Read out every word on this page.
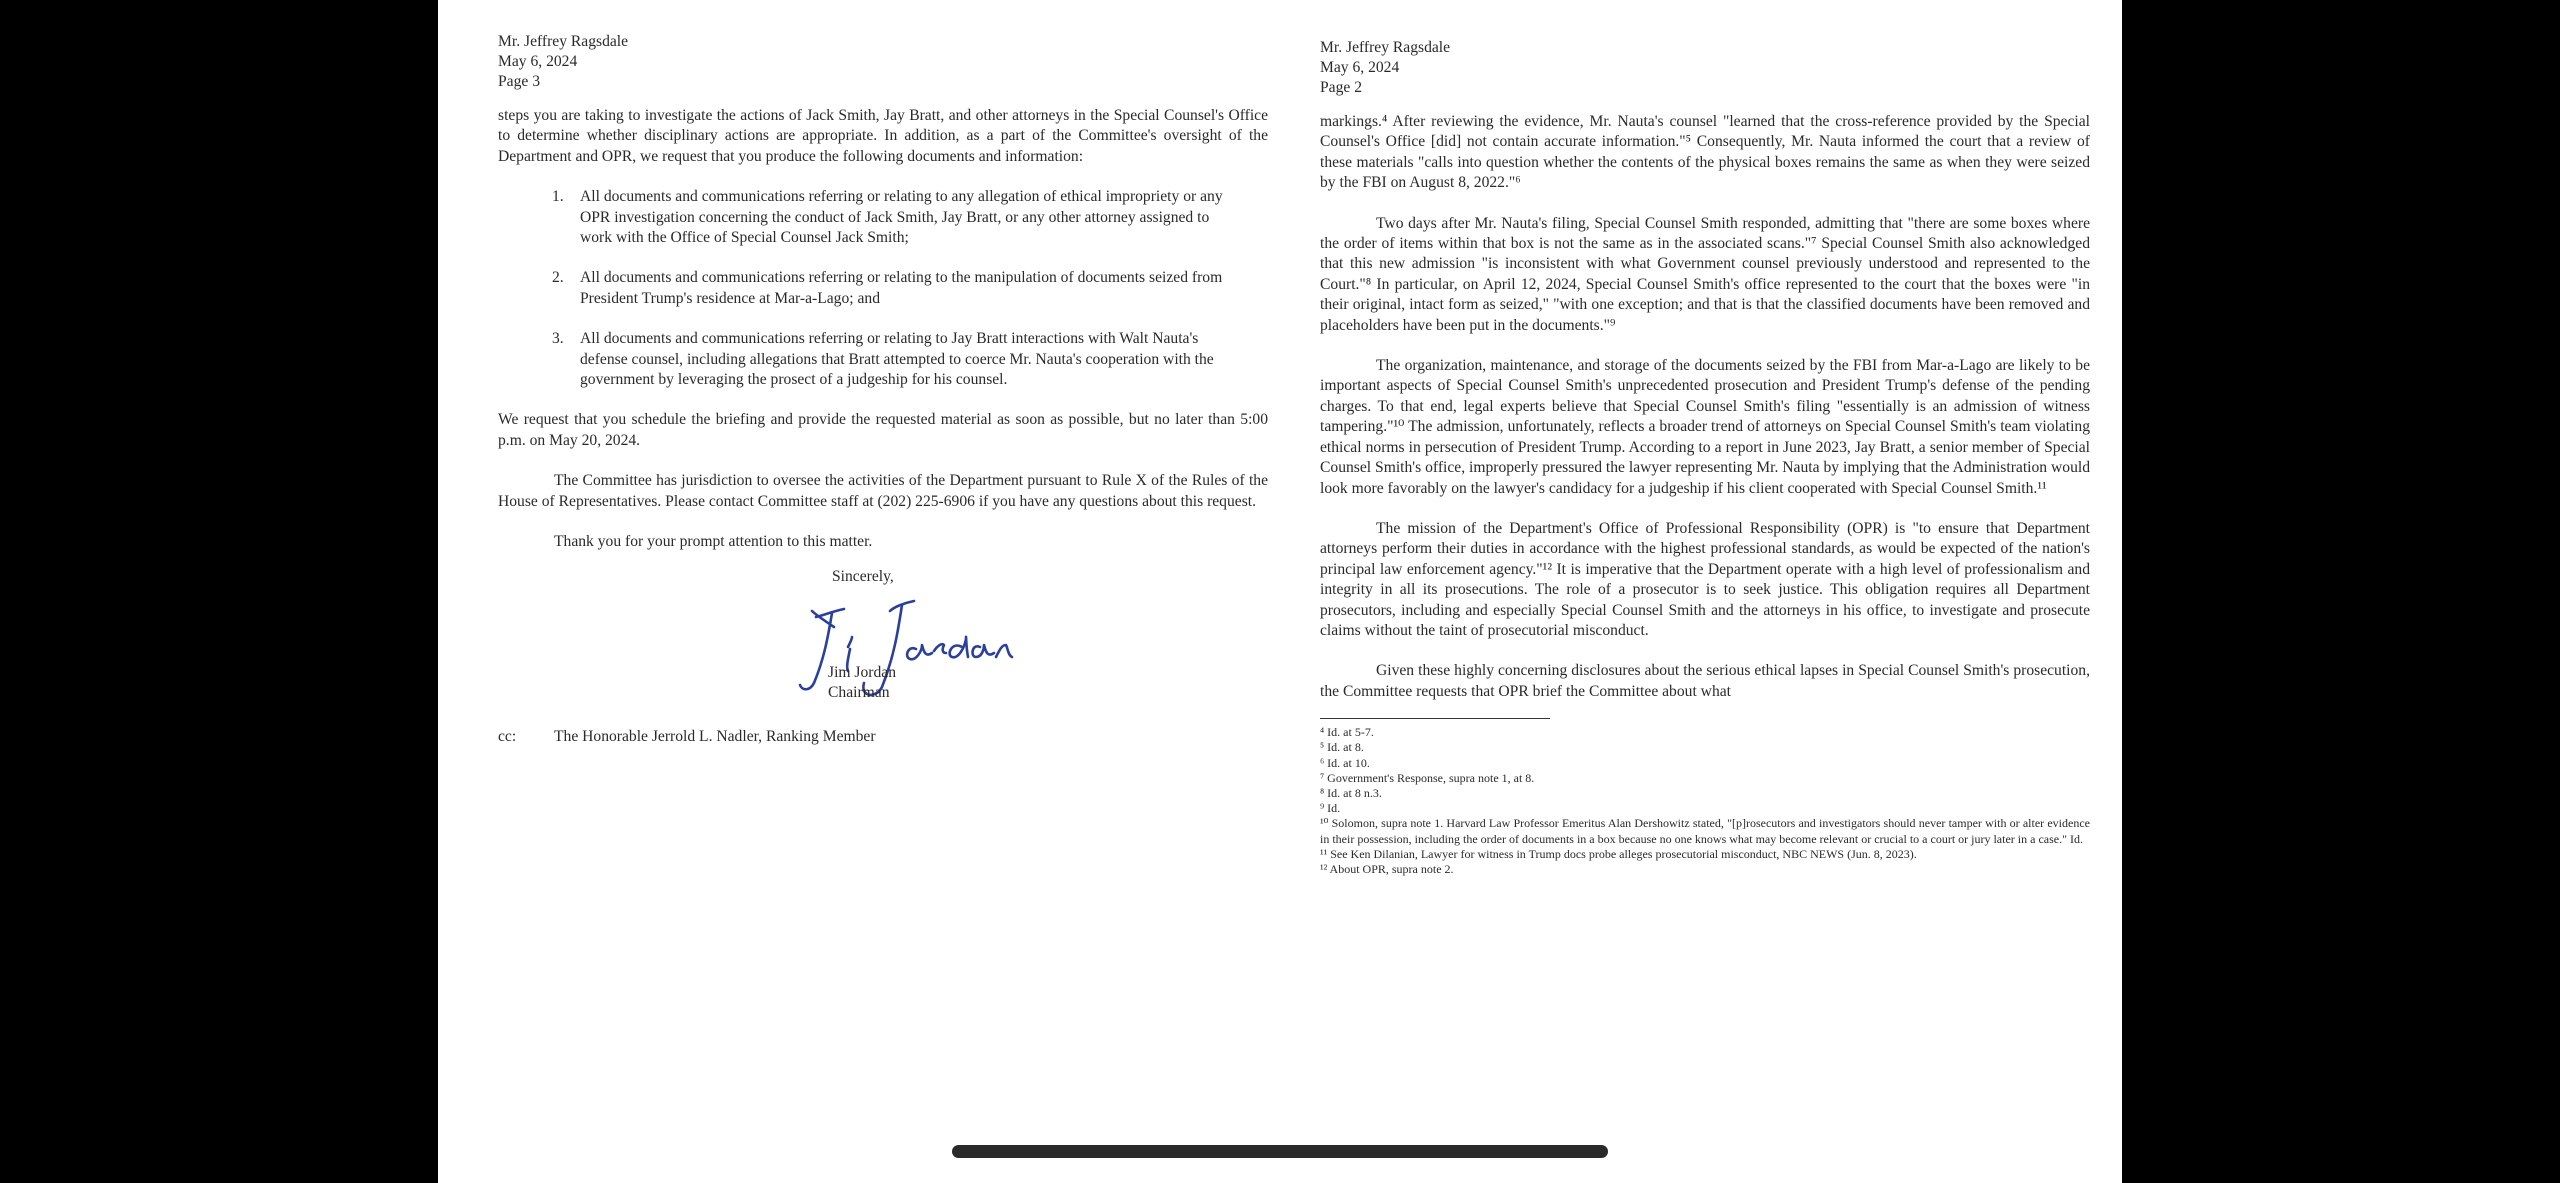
Mr. Jeffrey Ragsdale
May 6, 2024
Page 3

steps you are taking to investigate the actions of Jack Smith, Jay Bratt, and other attorneys in the Special Counsel's Office to determine whether disciplinary actions are appropriate. In addition, as a part of the Committee's oversight of the Department and OPR, we request that you produce the following documents and information:

1.	All documents and communications referring or relating to any allegation of ethical impropriety or any OPR investigation concerning the conduct of Jack Smith, Jay Bratt, or any other attorney assigned to work with the Office of Special Counsel Jack Smith;
2.	All documents and communications referring or relating to the manipulation of documents seized from President Trump's residence at Mar-a-Lago; and
3.	All documents and communications referring or relating to Jay Bratt interactions with Walt Nauta's defense counsel, including allegations that Bratt attempted to coerce Mr. Nauta's cooperation with the government by leveraging the prosect of a judgeship for his counsel.

We request that you schedule the briefing and provide the requested material as soon as possible, but no later than 5:00 p.m. on May 20, 2024.

The Committee has jurisdiction to oversee the activities of the Department pursuant to Rule X of the Rules of the House of Representatives. Please contact Committee staff at (202) 225-6906 if you have any questions about this request.

Thank you for your prompt attention to this matter.
Sincerely,
Jim Jordan
Chairman
cc:	The Honorable Jerrold L. Nadler, Ranking Member
Mr. Jeffrey Ragsdale
May 6, 2024
Page 2

markings.⁴ After reviewing the evidence, Mr. Nauta's counsel "learned that the cross-reference provided by the Special Counsel's Office [did] not contain accurate information."⁵ Consequently, Mr. Nauta informed the court that a review of these materials "calls into question whether the contents of the physical boxes remains the same as when they were seized by the FBI on August 8, 2022."⁶

Two days after Mr. Nauta's filing, Special Counsel Smith responded, admitting that "there are some boxes where the order of items within that box is not the same as in the associated scans."⁷ Special Counsel Smith also acknowledged that this new admission "is inconsistent with what Government counsel previously understood and represented to the Court."⁸ In particular, on April 12, 2024, Special Counsel Smith's office represented to the court that the boxes were "in their original, intact form as seized," "with one exception; and that is that the classified documents have been removed and placeholders have been put in the documents."⁹

The organization, maintenance, and storage of the documents seized by the FBI from Mar-a-Lago are likely to be important aspects of Special Counsel Smith's unprecedented prosecution and President Trump's defense of the pending charges. To that end, legal experts believe that Special Counsel Smith's filing "essentially is an admission of witness tampering."¹⁰ The admission, unfortunately, reflects a broader trend of attorneys on Special Counsel Smith's team violating ethical norms in persecution of President Trump. According to a report in June 2023, Jay Bratt, a senior member of Special Counsel Smith's office, improperly pressured the lawyer representing Mr. Nauta by implying that the Administration would look more favorably on the lawyer's candidacy for a judgeship if his client cooperated with Special Counsel Smith.¹¹

The mission of the Department's Office of Professional Responsibility (OPR) is "to ensure that Department attorneys perform their duties in accordance with the highest professional standards, as would be expected of the nation's principal law enforcement agency."¹² It is imperative that the Department operate with a high level of professionalism and integrity in all its prosecutions. The role of a prosecutor is to seek justice. This obligation requires all Department prosecutors, including and especially Special Counsel Smith and the attorneys in his office, to investigate and prosecute claims without the taint of prosecutorial misconduct.

Given these highly concerning disclosures about the serious ethical lapses in Special Counsel Smith's prosecution, the Committee requests that OPR brief the Committee about what

⁴ Id. at 5-7.
⁵ Id. at 8.
⁶ Id. at 10.
⁷ Government's Response, supra note 1, at 8.
⁸ Id. at 8 n.3.
⁹ Id.
¹⁰ Solomon, supra note 1. Harvard Law Professor Emeritus Alan Dershowitz stated, "[p]rosecutors and investigators should never tamper with or alter evidence in their possession, including the order of documents in a box because no one knows what may become relevant or crucial to a court or jury later in a case." Id.
¹¹ See Ken Dilanian, Lawyer for witness in Trump docs probe alleges prosecutorial misconduct, NBC NEWS (Jun. 8, 2023).
¹² About OPR, supra note 2.
